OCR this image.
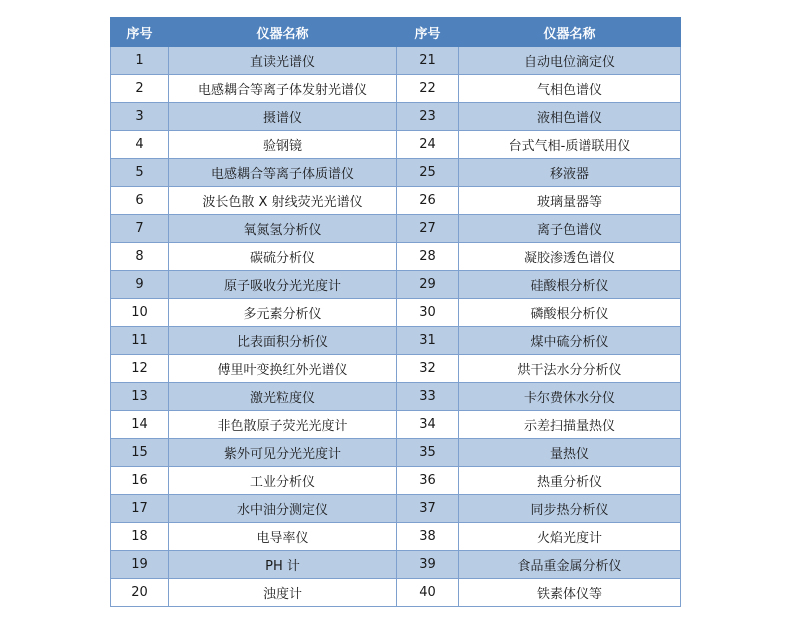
序号	仪器名称	序号	仪器名称
1	直读光谱仪	21	自动电位滴定仪
2	电感耦合等离子体发射光谱仪	22	气相色谱仪
3	摄谱仪	23	液相色谱仪
4	验钢镜	24	台式气相-质谱联用仪
5	电感耦合等离子体质谱仪	25	移液器
6	波长色散 X 射线荧光光谱仪	26	玻璃量器等
7	氧氮氢分析仪	27	离子色谱仪
8	碳硫分析仪	28	凝胶渗透色谱仪
9	原子吸收分光光度计	29	硅酸根分析仪
10	多元素分析仪	30	磷酸根分析仪
11	比表面积分析仪	31	煤中硫分析仪
12	傅里叶变换红外光谱仪	32	烘干法水分分析仪
13	激光粒度仪	33	卡尔费休水分仪
14	非色散原子荧光光度计	34	示差扫描量热仪
15	紫外可见分光光度计	35	量热仪
16	工业分析仪	36	热重分析仪
17	水中油分测定仪	37	同步热分析仪
18	电导率仪	38	火焰光度计
19	PH 计	39	食品重金属分析仪
20	浊度计	40	铁素体仪等
